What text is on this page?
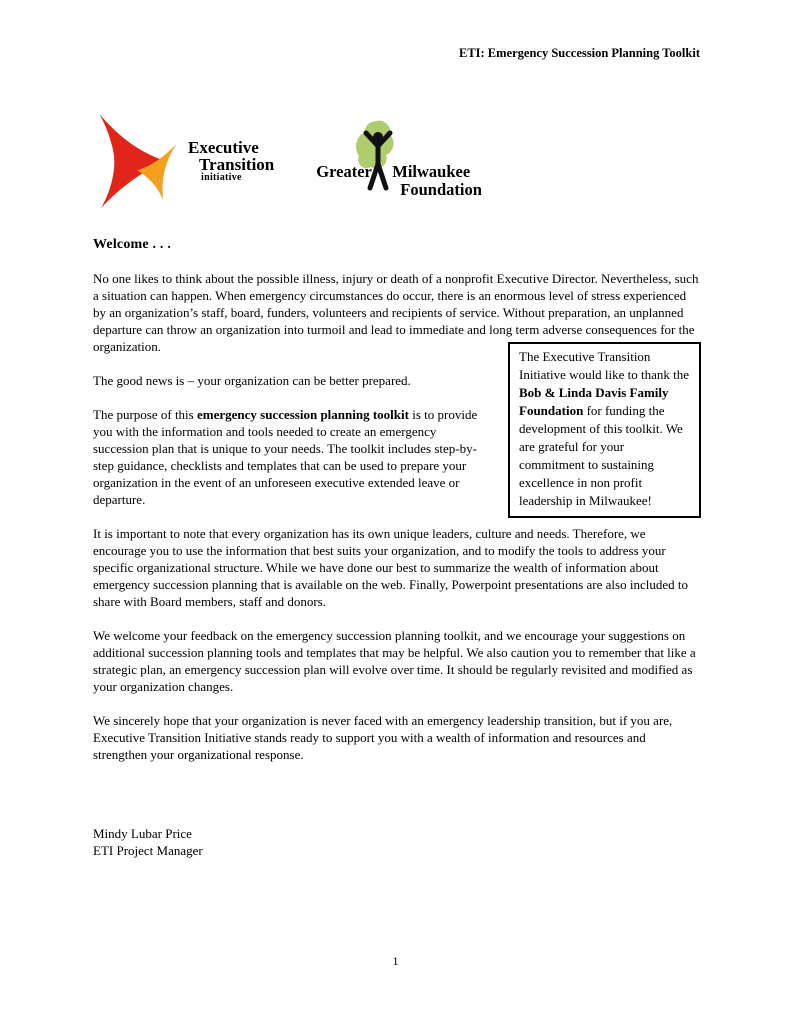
ETI: Emergency Succession Planning Toolkit
Executive
Transition
initiative	Greater Milwaukee
Foundation
Welcome . . .

No one likes to think about the possible illness, injury or death of a nonprofit Executive Director. Nevertheless, such a situation can happen. When emergency circumstances do occur, there is an enormous level of stress experienced by an organization’s staff, board, funders, volunteers and recipients of service. Without preparation, an unplanned departure can throw an organization into turmoil and lead to immediate and long term adverse consequences for the organization.

The Executive Transition Initiative would like to thank the Bob & Linda Davis Family Foundation for funding the development of this toolkit. We are grateful for your commitment to sustaining excellence in non profit leadership in Milwaukee!

The good news is – your organization can be better prepared.

The purpose of this emergency succession planning toolkit is to provide you with the information and tools needed to create an emergency succession plan that is unique to your needs. The toolkit includes step-by-step guidance, checklists and templates that can be used to prepare your organization in the event of an unforeseen executive extended leave or departure.

It is important to note that every organization has its own unique leaders, culture and needs. Therefore, we encourage you to use the information that best suits your organization, and to modify the tools to address your specific organizational structure. While we have done our best to summarize the wealth of information about emergency succession planning that is available on the web. Finally, Powerpoint presentations are also included to share with Board members, staff and donors.

We welcome your feedback on the emergency succession planning toolkit, and we encourage your suggestions on additional succession planning tools and templates that may be helpful. We also caution you to remember that like a strategic plan, an emergency succession plan will evolve over time. It should be regularly revisited and modified as your organization changes.

We sincerely hope that your organization is never faced with an emergency leadership transition, but if you are, Executive Transition Initiative stands ready to support you with a wealth of information and resources and strengthen your organizational response.

Mindy Lubar Price
ETI Project Manager
1
